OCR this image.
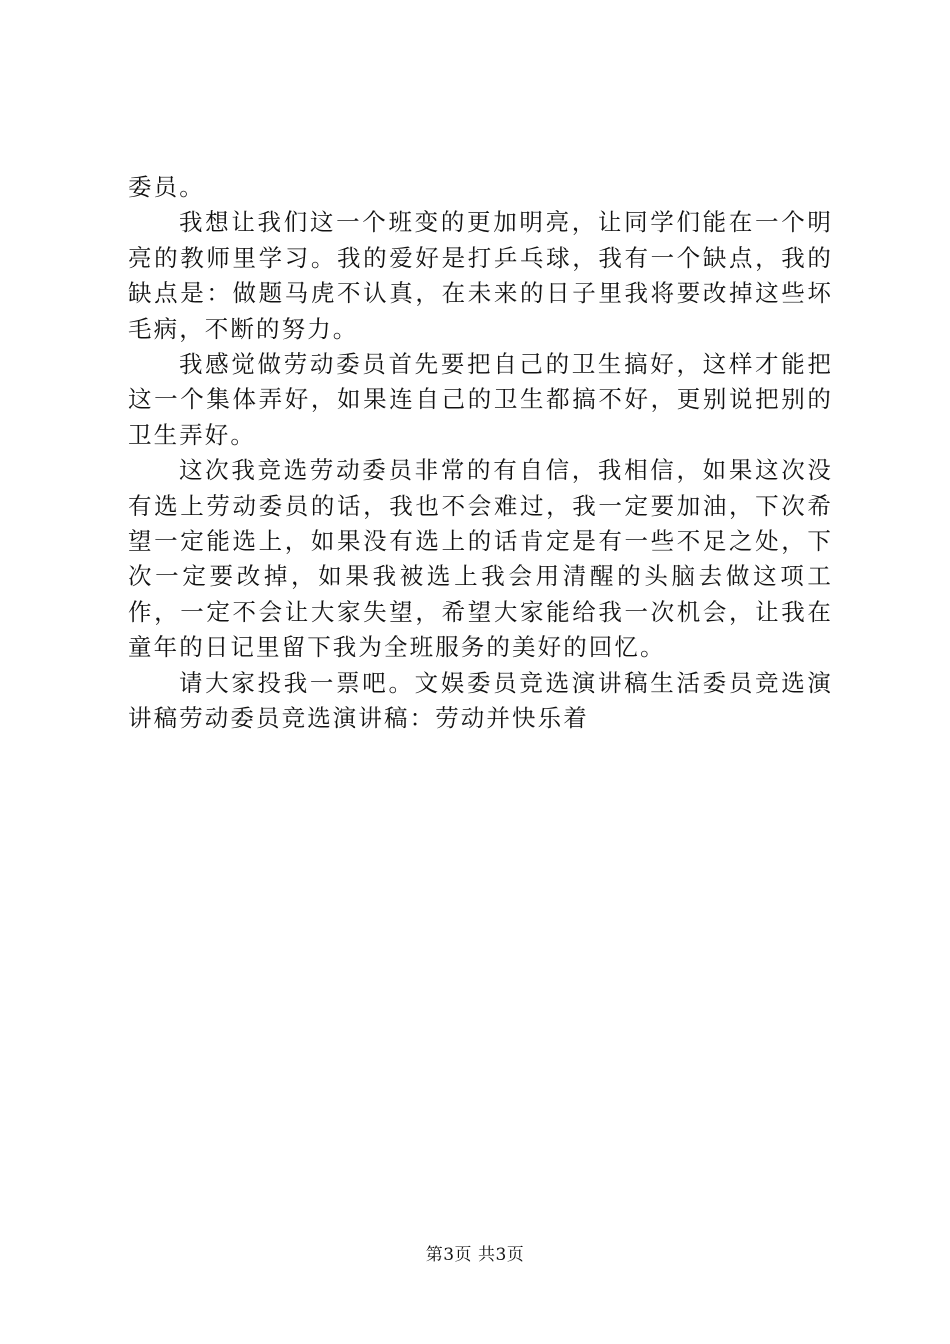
委员。

我想让我们这一个班变的更加明亮，让同学们能在一个明亮的教师里学习。我的爱好是打乒乓球，我有一个缺点，我的缺点是：做题马虎不认真，在未来的日子里我将要改掉这些坏毛病，不断的努力。

我感觉做劳动委员首先要把自己的卫生搞好，这样才能把这一个集体弄好，如果连自己的卫生都搞不好，更别说把别的卫生弄好。

这次我竞选劳动委员非常的有自信，我相信，如果这次没有选上劳动委员的话，我也不会难过，我一定要加油，下次希望一定能选上，如果没有选上的话肯定是有一些不足之处，下次一定要改掉，如果我被选上我会用清醒的头脑去做这项工作，一定不会让大家失望，希望大家能给我一次机会，让我在童年的日记里留下我为全班服务的美好的回忆。

请大家投我一票吧。文娱委员竞选演讲稿生活委员竞选演讲稿劳动委员竞选演讲稿：劳动并快乐着

第3页 共3页
